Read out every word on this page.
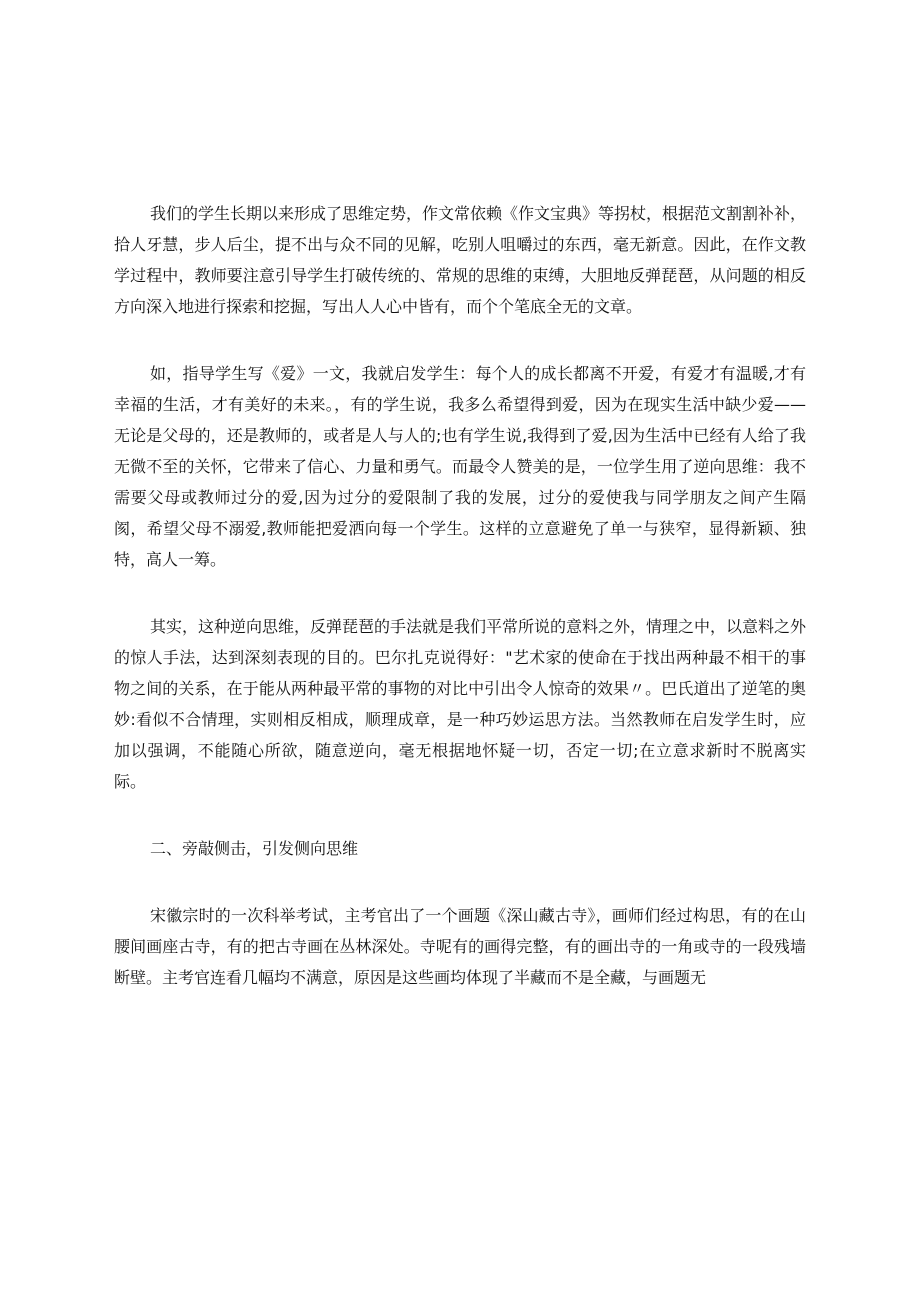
我们的学生长期以来形成了思维定势，作文常依赖《作文宝典》等拐杖，根据范文割割补补，拾人牙慧，步人后尘，提不出与众不同的见解，吃别人咀嚼过的东西，毫无新意。因此，在作文教学过程中，教师要注意引导学生打破传统的、常规的思维的束缚，大胆地反弹琵琶，从问题的相反方向深入地进行探索和挖掘，写出人人心中皆有，而个个笔底全无的文章。

如，指导学生写《爱》一文，我就启发学生：每个人的成长都离不开爱，有爱才有温暖,才有幸福的生活，才有美好的未来。，有的学生说，我多么希望得到爱，因为在现实生活中缺少爱——无论是父母的，还是教师的，或者是人与人的;也有学生说,我得到了爱,因为生活中已经有人给了我无微不至的关怀，它带来了信心、力量和勇气。而最令人赞美的是，一位学生用了逆向思维：我不需要父母或教师过分的爱,因为过分的爱限制了我的发展，过分的爱使我与同学朋友之间产生隔阂，希望父母不溺爱,教师能把爱洒向每一个学生。这样的立意避免了单一与狭窄，显得新颖、独特，高人一筹。

其实，这种逆向思维，反弹琵琶的手法就是我们平常所说的意料之外，情理之中，以意料之外的惊人手法，达到深刻表现的目的。巴尔扎克说得好："艺术家的使命在于找出两种最不相干的事物之间的关系，在于能从两种最平常的事物的对比中引出令人惊奇的效果〃。巴氏道出了逆笔的奥妙:看似不合情理，实则相反相成，顺理成章，是一种巧妙运思方法。当然教师在启发学生时，应加以强调，不能随心所欲，随意逆向，毫无根据地怀疑一切，否定一切;在立意求新时不脱离实际。

二、旁敲侧击，引发侧向思维

宋徽宗时的一次科举考试，主考官出了一个画题《深山藏古寺》，画师们经过构思，有的在山腰间画座古寺，有的把古寺画在丛林深处。寺呢有的画得完整，有的画出寺的一角或寺的一段残墙断壁。主考官连看几幅均不满意，原因是这些画均体现了半藏而不是全藏，与画题无
